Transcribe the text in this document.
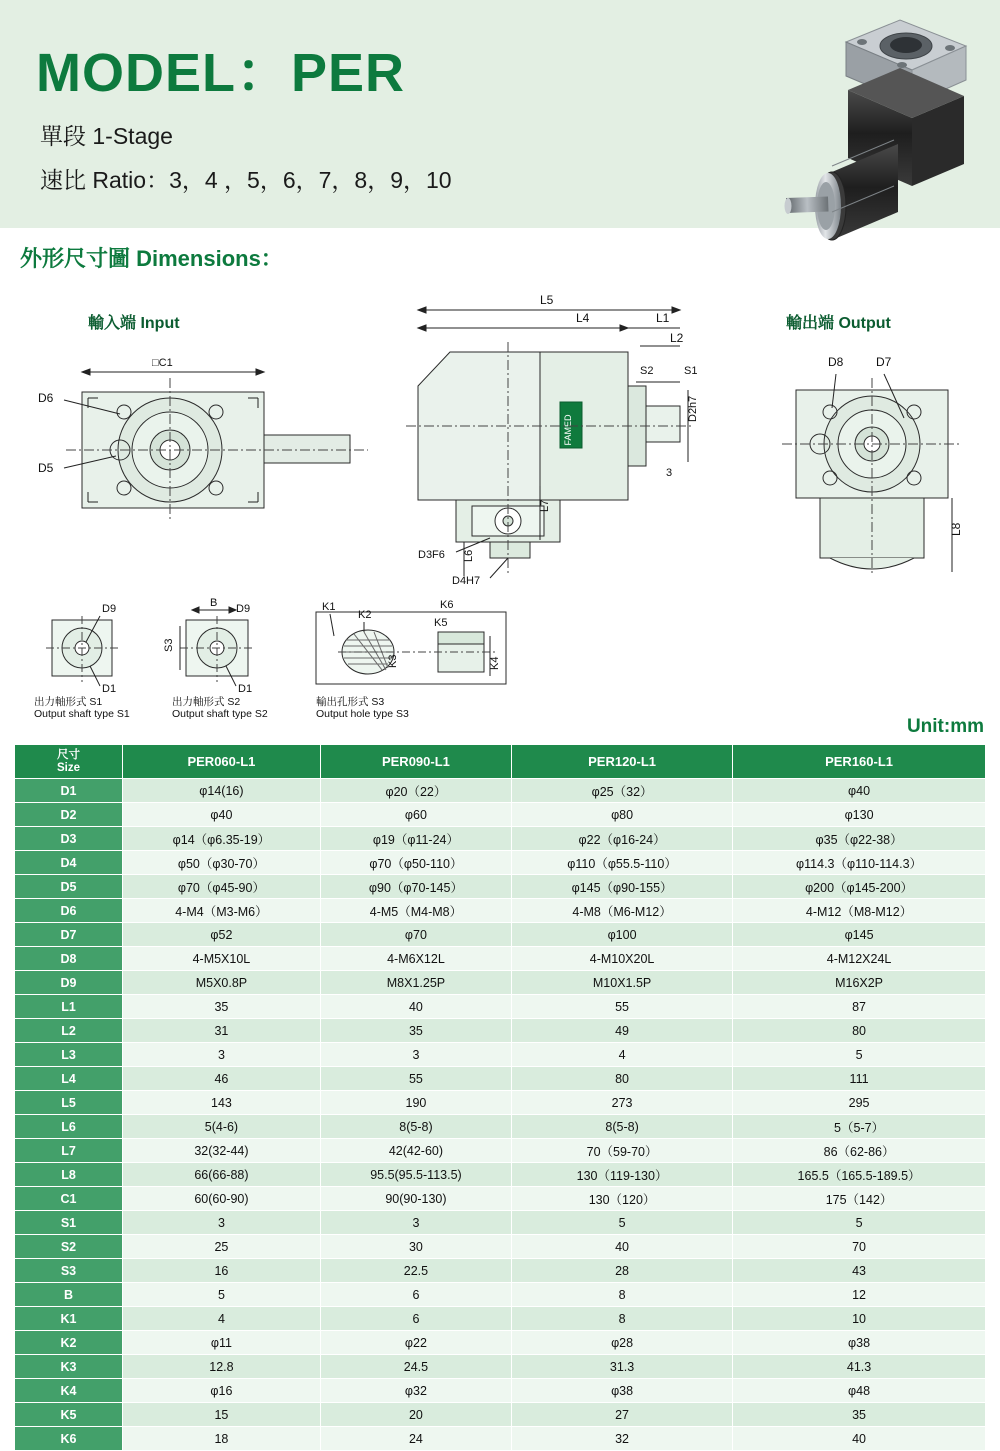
MODEL：PER
單段 1-Stage
速比 Ratio：3，4 ，5，6，7，8，9，10
外形尺寸圖 Dimensions：
輸入端 Input	輸出端 Output
□C1
D6
D5
FAMED
L5
L4	L1
L2
S2	S1
D2h7
3
L7
L6
D3F6
D4H7
D8	D7
L8
D9
D1
B D9
S3
D1
K1
K2
K6
K5
K3	K4
出力軸形式 S1
Output shaft type S1
出力軸形式 S2
Output shaft type S2
輸出孔形式 S3
Output hole type S3
Unit:mm
尺寸
Size	PER060-L1	PER090-L1	PER120-L1	PER160-L1
D1	φ14(16)	φ20（22）	φ25（32）	φ40
D2	φ40	φ60	φ80	φ130
D3	φ14（φ6.35-19）	φ19（φ11-24）	φ22（φ16-24）	φ35（φ22-38）
D4	φ50（φ30-70）	φ70（φ50-110）	φ110（φ55.5-110）	φ114.3（φ110-114.3）
D5	φ70（φ45-90）	φ90（φ70-145）	φ145（φ90-155）	φ200（φ145-200）
D6	4-M4（M3-M6）	4-M5（M4-M8）	4-M8（M6-M12）	4-M12（M8-M12）
D7	φ52	φ70	φ100	φ145
D8	4-M5X10L	4-M6X12L	4-M10X20L	4-M12X24L
D9	M5X0.8P	M8X1.25P	M10X1.5P	M16X2P
L1	35	40	55	87
L2	31	35	49	80
L3	3	3	4	5
L4	46	55	80	111
L5	143	190	273	295
L6	5(4-6)	8(5-8)	8(5-8)	5（5-7）
L7	32(32-44)	42(42-60)	70（59-70）	86（62-86）
L8	66(66-88)	95.5(95.5-113.5)	130（119-130）	165.5（165.5-189.5）
C1	60(60-90)	90(90-130)	130（120）	175（142）
S1	3	3	5	5
S2	25	30	40	70
S3	16	22.5	28	43
B	5	6	8	12
K1	4	6	8	10
K2	φ11	φ22	φ28	φ38
K3	12.8	24.5	31.3	41.3
K4	φ16	φ32	φ38	φ48
K5	15	20	27	35
K6	18	24	32	40
